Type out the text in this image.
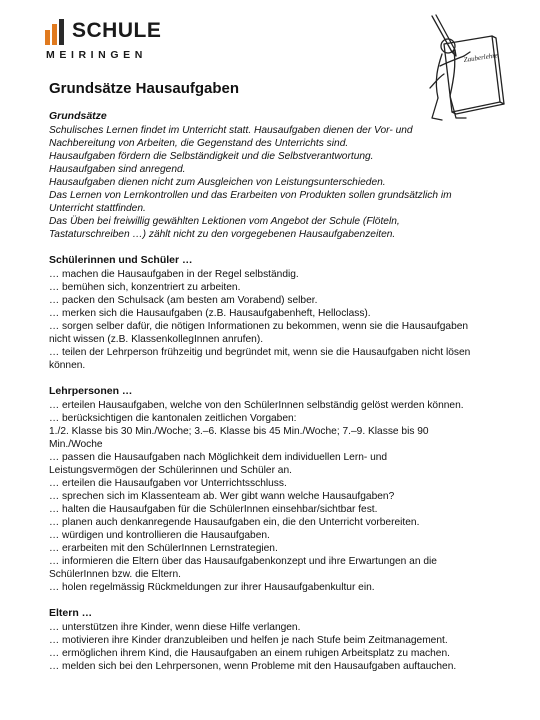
SCHULE
MEIRINGEN	Zauberlehre
Grundsätze Hausaufgaben
Grundsätze
Schulisches Lernen findet im Unterricht statt. Hausaufgaben dienen der Vor- und
Nachbereitung von Arbeiten, die Gegenstand des Unterrichts sind.
Hausaufgaben fördern die Selbständigkeit und die Selbstverantwortung.
Hausaufgaben sind anregend.
Hausaufgaben dienen nicht zum Ausgleichen von Leistungsunterschieden.
Das Lernen von Lernkontrollen und das Erarbeiten von Produkten sollen grundsätzlich im
Unterricht stattfinden.
Das Üben bei freiwillig gewählten Lektionen vom Angebot der Schule (Flöteln,
Tastaturschreiben …) zählt nicht zu den vorgegebenen Hausaufgabenzeiten.
Schülerinnen und Schüler …
… machen die Hausaufgaben in der Regel selbständig.
… bemühen sich, konzentriert zu arbeiten.
… packen den Schulsack (am besten am Vorabend) selber.
… merken sich die Hausaufgaben (z.B. Hausaufgabenheft, Helloclass).
… sorgen selber dafür, die nötigen Informationen zu bekommen, wenn sie die Hausaufgaben
nicht wissen (z.B. KlassenkollegInnen anrufen).
… teilen der Lehrperson frühzeitig und begründet mit, wenn sie die Hausaufgaben nicht lösen
können.
Lehrpersonen …
… erteilen Hausaufgaben, welche von den SchülerInnen selbständig gelöst werden können.
… berücksichtigen die kantonalen zeitlichen Vorgaben:
1./2. Klasse bis 30 Min./Woche; 3.–6. Klasse bis 45 Min./Woche; 7.–9. Klasse bis 90
Min./Woche
… passen die Hausaufgaben nach Möglichkeit dem individuellen Lern- und
Leistungsvermögen der Schülerinnen und Schüler an.
… erteilen die Hausaufgaben vor Unterrichtsschluss.
… sprechen sich im Klassenteam ab. Wer gibt wann welche Hausaufgaben?
… halten die Hausaufgaben für die SchülerInnen einsehbar/sichtbar fest.
… planen auch denkanregende Hausaufgaben ein, die den Unterricht vorbereiten.
… würdigen und kontrollieren die Hausaufgaben.
… erarbeiten mit den SchülerInnen Lernstrategien.
… informieren die Eltern über das Hausaufgabenkonzept und ihre Erwartungen an die
SchülerInnen bzw. die Eltern.
… holen regelmässig Rückmeldungen zur ihrer Hausaufgabenkultur ein.
Eltern …
… unterstützen ihre Kinder, wenn diese Hilfe verlangen.
… motivieren ihre Kinder dranzubleiben und helfen je nach Stufe beim Zeitmanagement.
… ermöglichen ihrem Kind, die Hausaufgaben an einem ruhigen Arbeitsplatz zu machen.
… melden sich bei den Lehrpersonen, wenn Probleme mit den Hausaufgaben auftauchen.
